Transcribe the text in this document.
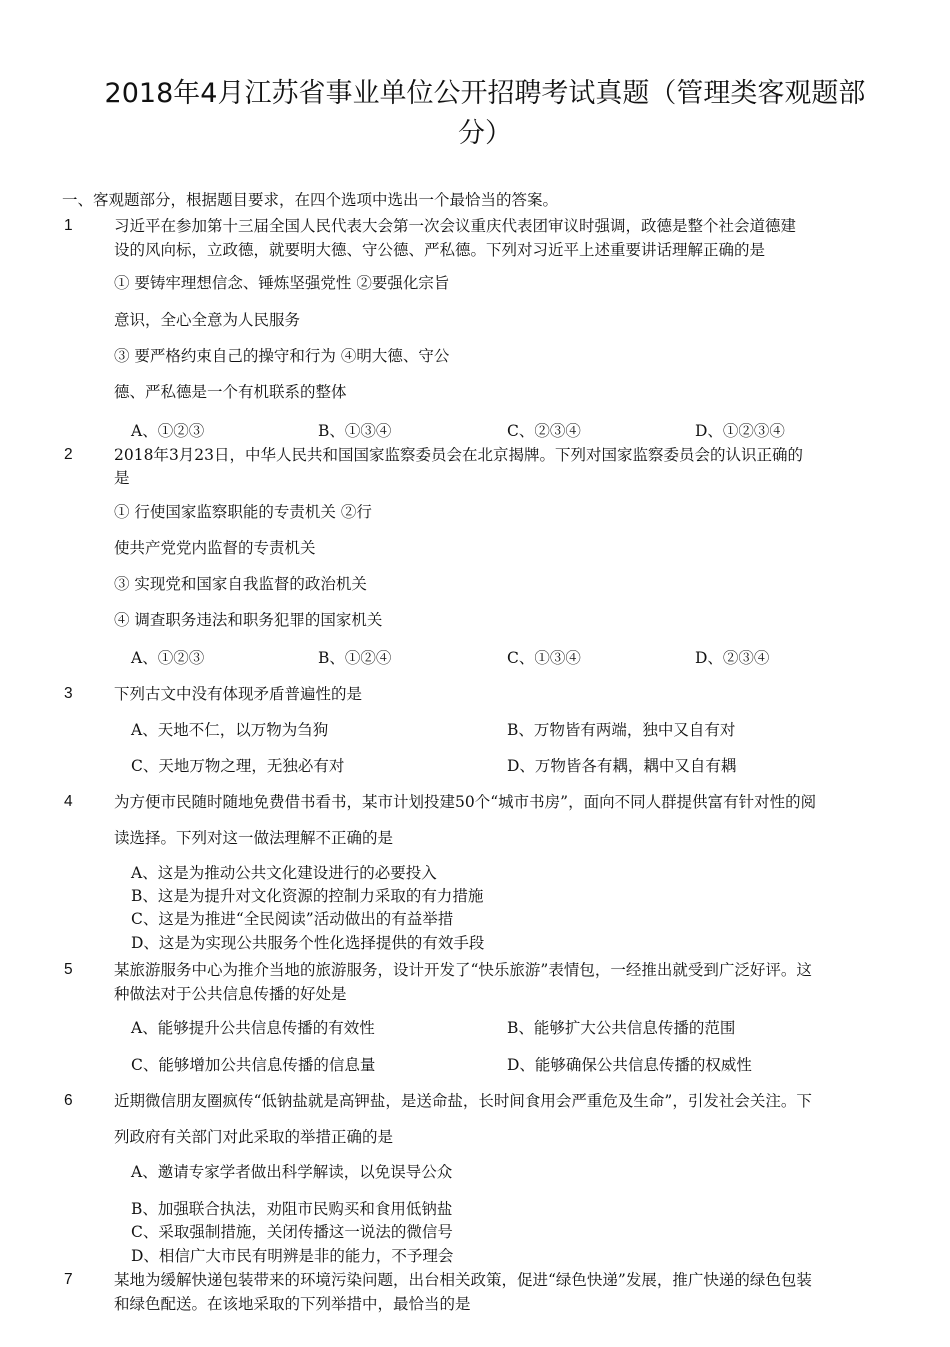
2018年4月江苏省事业单位公开招聘考试真题（管理类客观题部
分）
一、客观题部分，根据题目要求，在四个选项中选出一个最恰当的答案。
1	习近平在参加第十三届全国人民代表大会第一次会议重庆代表团审议时强调，政德是整个社会道德建
设的风向标，立政德，就要明大德、守公德、严私德。下列对习近平上述重要讲话理解正确的是
① 要铸牢理想信念、锤炼坚强党性 ②要强化宗旨
意识，全心全意为人民服务
③ 要严格约束自己的操守和行为 ④明大德、守公
德、严私德是一个有机联系的整体
A、①②③	B、①③④	C、②③④	D、①②③④
2	2018年3月23日，中华人民共和国国家监察委员会在北京揭牌。下列对国家监察委员会的认识正确的
是
① 行使国家监察职能的专责机关 ②行
使共产党党内监督的专责机关
③ 实现党和国家自我监督的政治机关
④ 调查职务违法和职务犯罪的国家机关
A、①②③	B、①②④	C、①③④	D、②③④
3	下列古文中没有体现矛盾普遍性的是
A、天地不仁，以万物为刍狗	B、万物皆有两端，独中又自有对
C、天地万物之理，无独必有对	D、万物皆各有耦，耦中又自有耦
4	为方便市民随时随地免费借书看书，某市计划投建50个“城市书房”，面向不同人群提供富有针对性的阅
读选择。下列对这一做法理解不正确的是
A、这是为推动公共文化建设进行的必要投入
B、这是为提升对文化资源的控制力采取的有力措施
C、这是为推进“全民阅读”活动做出的有益举措
D、这是为实现公共服务个性化选择提供的有效手段
5	某旅游服务中心为推介当地的旅游服务，设计开发了“快乐旅游”表情包，一经推出就受到广泛好评。这
种做法对于公共信息传播的好处是
A、能够提升公共信息传播的有效性	B、能够扩大公共信息传播的范围
C、能够增加公共信息传播的信息量	D、能够确保公共信息传播的权威性
6	近期微信朋友圈疯传“低钠盐就是高钾盐，是送命盐，长时间食用会严重危及生命”，引发社会关注。下
列政府有关部门对此采取的举措正确的是
A、邀请专家学者做出科学解读，以免误导公众
B、加强联合执法，劝阻市民购买和食用低钠盐
C、采取强制措施，关闭传播这一说法的微信号
D、相信广大市民有明辨是非的能力，不予理会
7	某地为缓解快递包装带来的环境污染问题，出台相关政策，促进“绿色快递”发展，推广快递的绿色包装
和绿色配送。在该地采取的下列举措中，最恰当的是
